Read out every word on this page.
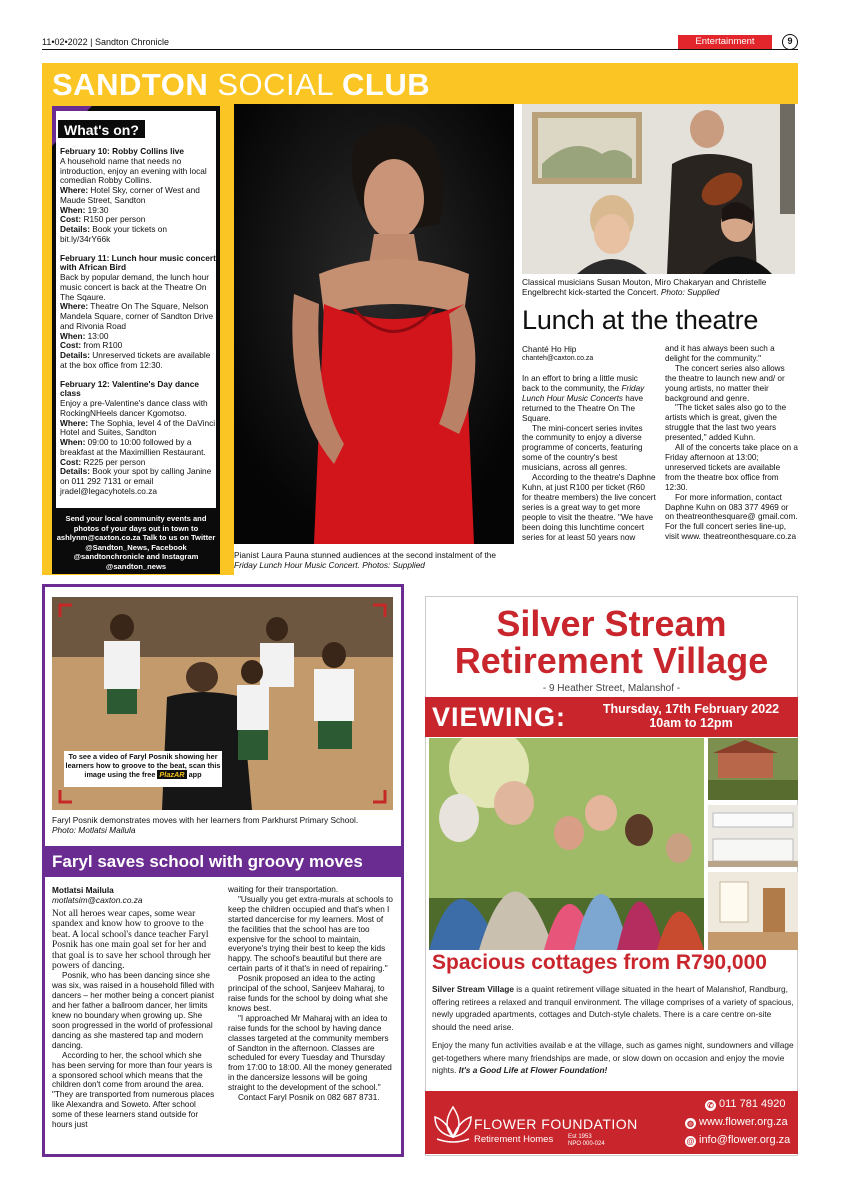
11•02•2022 | Sandton Chronicle	Entertainment	9
SANDTON SOCIAL CLUB
What's on?

February 10: Robby Collins live

A household name that needs no introduction, enjoy an evening with local comedian Robby Collins.

Where: Hotel Sky, corner of West and Maude Street, Sandton

When: 19:30

Cost: R150 per person

Details: Book your tickets on bit.ly/34rY66k

February 11: Lunch hour music concert with African Bird

Back by popular demand, the lunch hour music concert is back at the Theatre On The Sqaure.

Where: Theatre On The Square, Nelson Mandela Square, corner of Sandton Drive and Rivonia Road

When: 13:00

Cost: from R100

Details: Unreserved tickets are available at the box office from 12:30.

February 12: Valentine's Day dance class

Enjoy a pre-Valentine's dance class with RockingNHeels dancer Kgomotso.

Where: The Sophia, level 4 of the DaVinci Hotel and Suites, Sandton

When: 09:00 to 10:00 followed by a breakfast at the Maximillien Restaurant.

Cost: R225 per person

Details: Book your spot by calling Janine on 011 292 7131 or email jradel@legacyhotels.co.za

Send your local community events and photos of your days out in town to ashlynm@caxton.co.za Talk to us on Twitter @Sandton_News, Facebook @sandtonchronicle and Instagram @sandton_news
Pianist Laura Pauna stunned audiences at the second instalment of the Friday Lunch Hour Music Concert. Photos: Supplied
Classical musicians Susan Mouton, Miro Chakaryan and Christelle Engelbrecht kick-started the Concert. Photo: Supplied
Lunch at the theatre
Chanté Ho Hip
chanteh@caxton.co.za

In an effort to bring a little music back to the community, the Friday Lunch Hour Music Concerts have returned to the Theatre On The Square.

The mini-concert series invites the community to enjoy a diverse programme of concerts, featuring some of the country's best musicians, across all genres.

According to the theatre's Daphne Kuhn, at just R100 per ticket (R60 for theatre members) the live concert series is a great way to get more people to visit the theatre. "We have been doing this lunchtime concert series for at least 50 years now

and it has always been such a delight for the community."

The concert series also allows the theatre to launch new and/ or young artists, no matter their background and genre.

"The ticket sales also go to the artists which is great, given the struggle that the last two years presented," added Kuhn.

All of the concerts take place on a Friday afternoon at 13:00; unreserved tickets are available from the theatre box office from 12:30.

For more information, contact Daphne Kuhn on 083 377 4969 or on theatreonthesquare@ gmail.com.

For the full concert series line-up, visit www. theatreonthesquare.co.za

To see a video of Faryl Posnik showing her learners how to groove to the beat, scan this image using the free PlazAR app

Faryl Posnik demonstrates moves with her learners from Parkhurst Primary School.

Photo: Motlatsi Mailula

Faryl saves school with groovy moves

Motlatsi Mailula

motlatsim@caxton.co.za

Not all heroes wear capes, some wear spandex and know how to groove to the beat. A local school's dance teacher Faryl Posnik has one main goal set for her and that goal is to save her school through her powers of dancing.

Posnik, who has been dancing since she was six, was raised in a household filled with dancers – her mother being a concert pianist and her father a ballroom dancer, her limits knew no boundary when growing up. She soon progressed in the world of professional dancing as she mastered tap and modern dancing.

According to her, the school which she has been serving for more than four years is a sponsored school which means that the children don't come from around the area. "They are transported from numerous places like Alexandra and Soweto. After school some of these learners stand outside for hours just

waiting for their transportation.

"Usually you get extra-murals at schools to keep the children occupied and that's when I started dancercise for my learners. Most of the facilities that the school has are too expensive for the school to maintain, everyone's trying their best to keep the kids happy. The school's beautiful but there are certain parts of it that's in need of repairing."

Posnik proposed an idea to the acting principal of the school, Sanjeev Maharaj, to raise funds for the school by doing what she knows best.

"I approached Mr Maharaj with an idea to raise funds for the school by having dance classes targeted at the community members of Sandton in the afternoon. Classes are scheduled for every Tuesday and Thursday from 17:00 to 18:00. All the money generated in the dancersize lessons will be going straight to the development of the school."

Contact Faryl Posnik on 082 687 8731.

Silver Stream
Retirement Village
- 9 Heather Street, Malanshof -
VIEWING:	Thursday, 17th February 2022

10am to 12pm

Spacious cottages from R790,000
Silver Stream Village is a quaint retirement village situated in the heart of Malanshof, Randburg, offering retirees a relaxed and tranquil environment. The village comprises of a variety of spacious, newly upgraded apartments, cottages and Dutch-style chalets. There is a care centre on-site should the need arise.
Enjoy the many fun activities availab e at the village, such as games night, sundowners and village get-togethers where many friendships are made, or slow down on occasion and enjoy the movie nights. It's a Good Life at Flower Foundation!
FLOWER FOUNDATION
Retirement Homes Est 1953

NPO 000-024

✆ 011 781 4920
◍ www.flower.org.za
@ info@flower.org.za
